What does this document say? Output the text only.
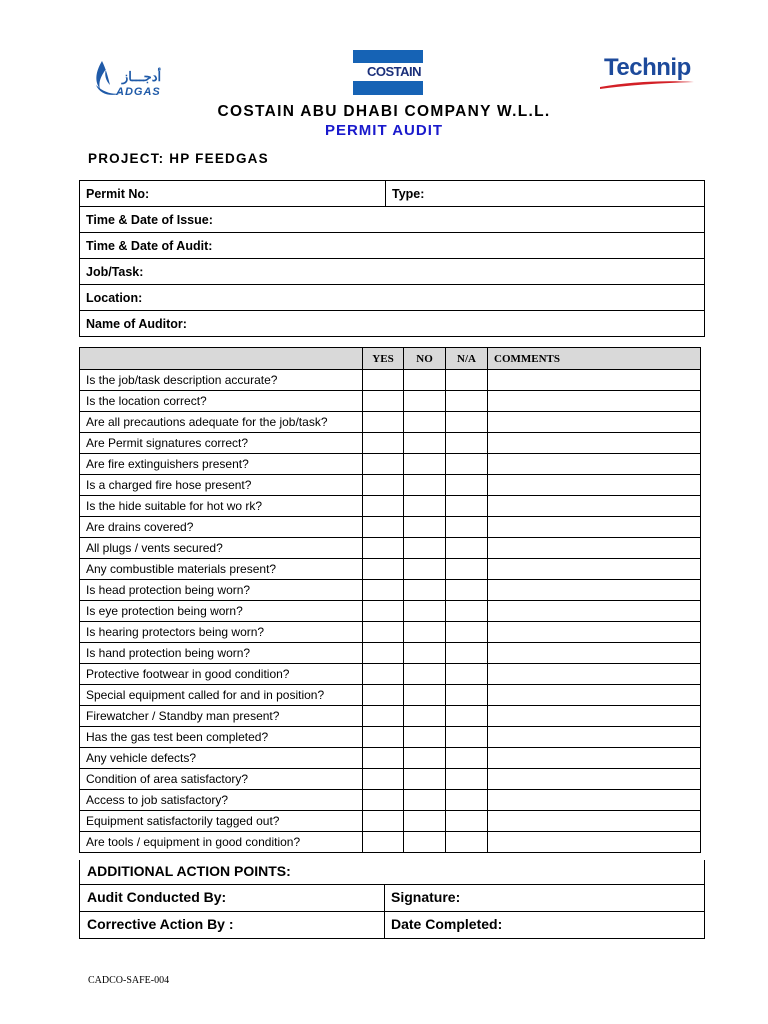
أدجـــاز
ADGAS
COSTAIN	Technip
COSTAIN ABU DHABI COMPANY W.L.L.
PERMIT AUDIT
PROJECT: HP FEEDGAS
Permit No:	Type:
Time & Date of Issue:
Time & Date of Audit:
Job/Task:
Location:
Name of Auditor:
	YES	NO	N/A	COMMENTS
Is the job/task description accurate?				
Is the location correct?				
Are all precautions adequate for the job/task?				
Are Permit signatures correct?				
Are fire extinguishers present?				
Is a charged fire hose present?				
Is the hide suitable for hot wo rk?				
Are drains covered?				
All plugs / vents secured?				
Any combustible materials present?				
Is head protection being worn?				
Is eye protection being worn?				
Is hearing protectors being worn?				
Is hand protection being worn?				
Protective footwear in good condition?				
Special equipment called for and in position?				
Firewatcher / Standby man present?				
Has the gas test been completed?				
Any vehicle defects?				
Condition of area satisfactory?				
Access to job satisfactory?				
Equipment satisfactorily tagged out?				
Are tools / equipment in good condition?				
ADDITIONAL ACTION POINTS:
Audit Conducted By:	Signature:
Corrective Action By :	Date Completed:
CADCO-SAFE-004
